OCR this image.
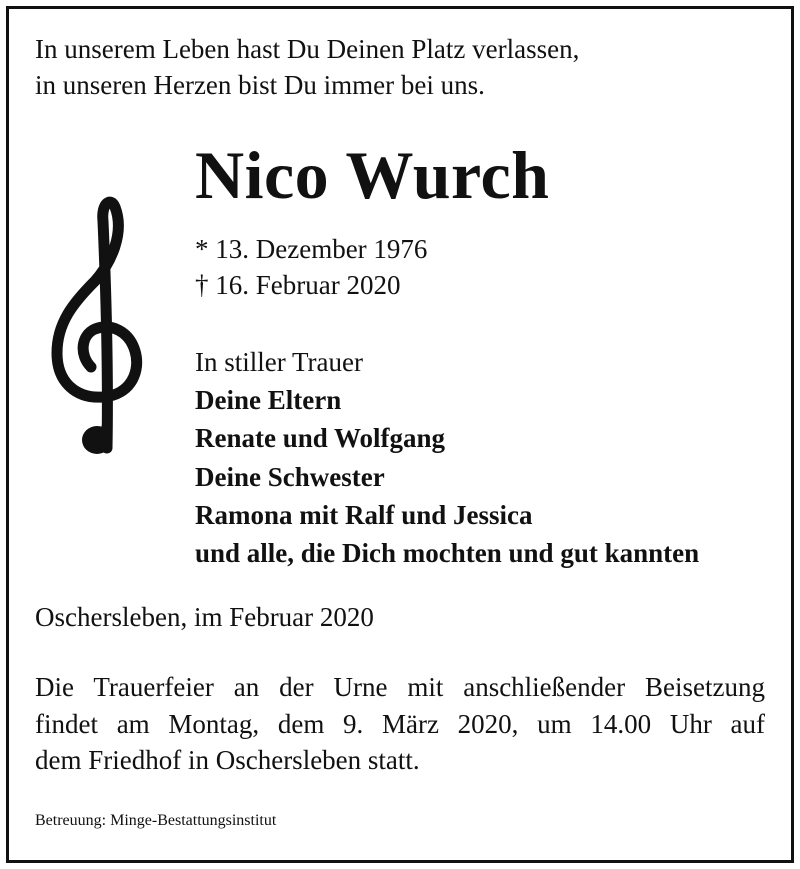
In unserem Leben hast Du Deinen Platz verlassen,
in unseren Herzen bist Du immer bei uns.
Nico Wurch
* 13. Dezember 1976
† 16. Februar 2020
In stiller Trauer
Deine Eltern
Renate und Wolfgang
Deine Schwester
Ramona mit Ralf und Jessica
und alle, die Dich mochten und gut kannten
Oschersleben, im Februar 2020
Die Trauerfeier an der Urne mit anschließender Beisetzung
findet am Montag, dem 9. März 2020, um 14.00 Uhr auf
dem Friedhof in Oschersleben statt.
Betreuung: Minge-Bestattungsinstitut
